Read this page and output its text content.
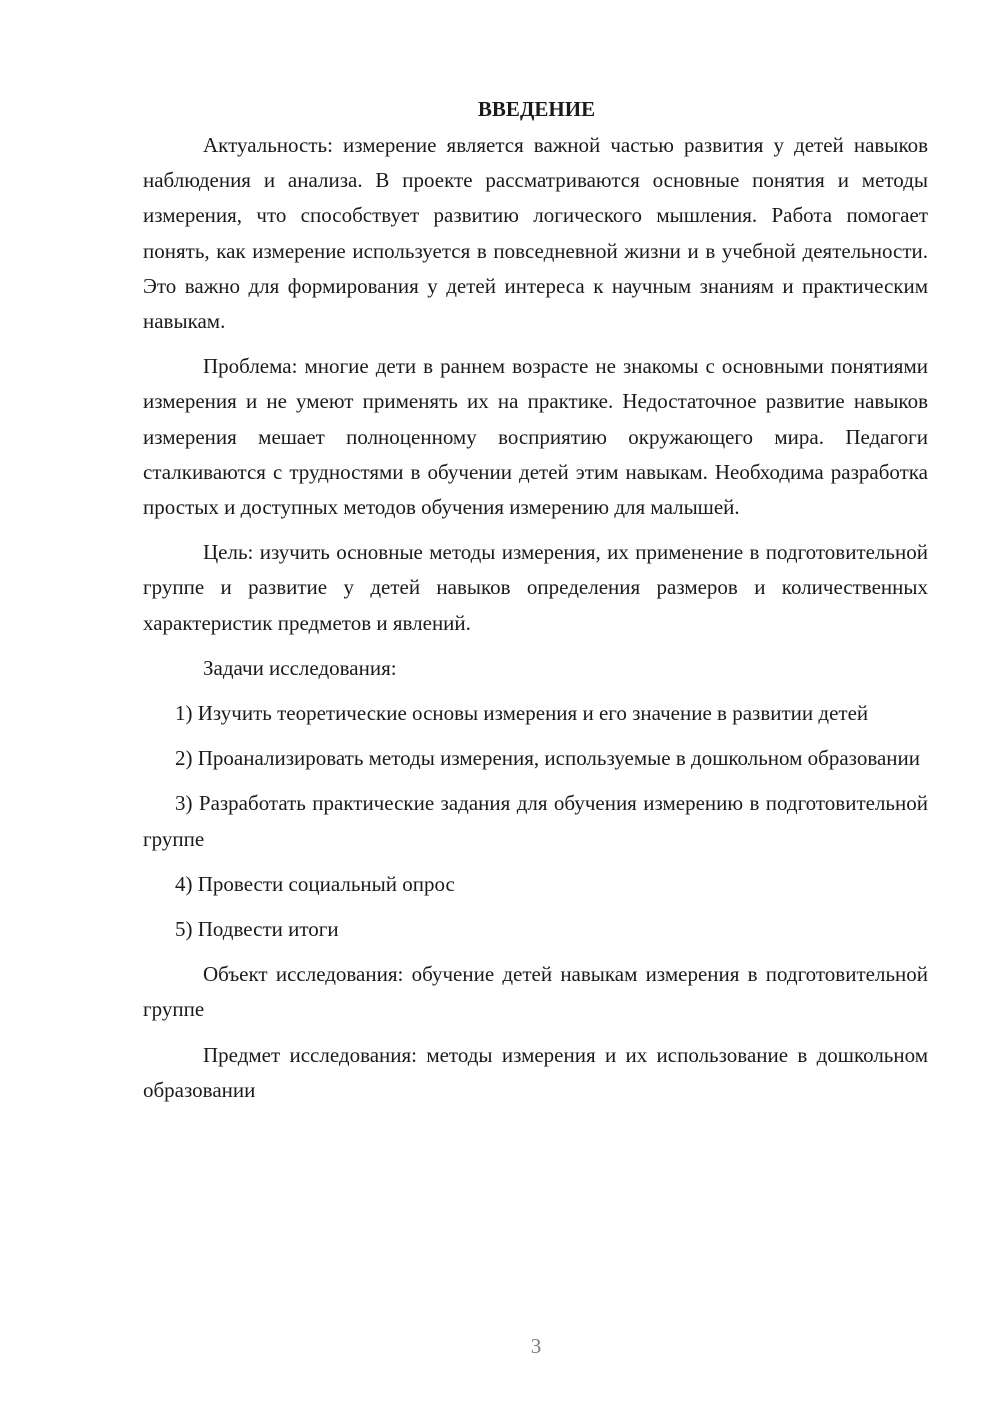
ВВЕДЕНИЕ

Актуальность: измерение является важной частью развития у детей навыков наблюдения и анализа. В проекте рассматриваются основные понятия и методы измерения, что способствует развитию логического мышления. Работа помогает понять, как измерение используется в повседневной жизни и в учебной деятельности. Это важно для формирования у детей интереса к научным знаниям и практическим навыкам.

Проблема: многие дети в раннем возрасте не знакомы с основными понятиями измерения и не умеют применять их на практике. Недостаточное развитие навыков измерения мешает полноценному восприятию окружающего мира. Педагоги сталкиваются с трудностями в обучении детей этим навыкам. Необходима разработка простых и доступных методов обучения измерению для малышей.

Цель: изучить основные методы измерения, их применение в подготовительной группе и развитие у детей навыков определения размеров и количественных характеристик предметов и явлений.

Задачи исследования:

1) Изучить теоретические основы измерения и его значение в развитии детей

2) Проанализировать методы измерения, используемые в дошкольном образовании

3) Разработать практические задания для обучения измерению в подготовительной группе

4) Провести социальный опрос

5) Подвести итоги

Объект исследования: обучение детей навыкам измерения в подготовительной группе

Предмет исследования: методы измерения и их использование в дошкольном образовании

3
